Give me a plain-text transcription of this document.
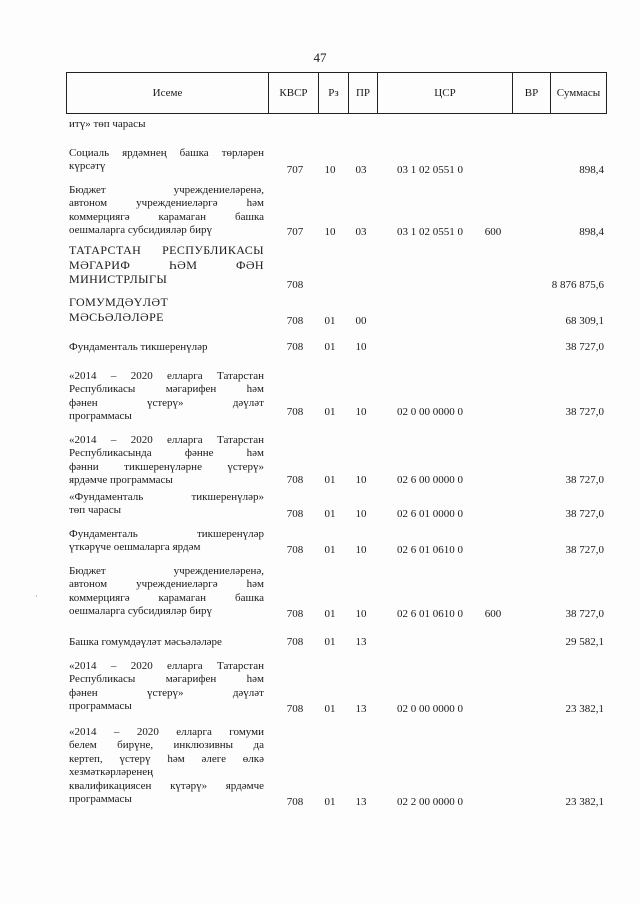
47
Исеме	КВСР	Рз	ПР	ЦСР	ВР	Суммасы
итү» төп чарасы
Социаль ярдәмнең башка төрләрен
күрсәтү	707	10	03	03 1 02 0551 0	898,4
Бюджет учреждениеләренә,
автоном учреждениеләргә һәм
коммерциягә карамаган башка
оешмаларга субсидияләр бирү	707	10	03	03 1 02 0551 0	600	898,4
ТАТАРСТАН РЕСПУБЛИКАСЫ
МӘГАРИФ ҺӘМ ФӘН
МИНИСТРЛЫГЫ	708	8 876 875,6
ГОМУМДӘҮЛӘТ
МӘСЬӘЛӘЛӘРЕ	708	01	00	68 309,1
Фундаменталь тикшеренүләр	708	01	10	38 727,0
«2014 – 2020 елларга Татарстан
Республикасы мәгарифен һәм
фәнен үстерү» дәүләт
программасы	708	01	10	02 0 00 0000 0	38 727,0
«2014 – 2020 елларга Татарстан
Республикасында фәнне һәм
фәнни тикшеренүләрне үстерү»
ярдәмче программасы	708	01	10	02 6 00 0000 0	38 727,0
«Фундаменталь тикшеренүләр»
төп чарасы	708	01	10	02 6 01 0000 0	38 727,0
Фундаменталь тикшеренүләр
үткәрүче оешмаларга ярдәм	708	01	10	02 6 01 0610 0	38 727,0
Бюджет учреждениеләренә,
автоном учреждениеләргә һәм
коммерциягә карамаган башка
оешмаларга субсидияләр бирү	708	01	10	02 6 01 0610 0	600	38 727,0
Башка гомумдәүләт мәсьәләләре	708	01	13	29 582,1
«2014 – 2020 елларга Татарстан
Республикасы мәгарифен һәм
фәнен үстерү» дәүләт
программасы	708	01	13	02 0 00 0000 0	23 382,1
«2014 – 2020 елларга гомуми
белем бирүне, инклюзивны да
кертеп, үстерү һәм әлеге өлкә
хезмәткәрләренең
квалификациясен күтәрү» ярдәмче
программасы	708	01	13	02 2 00 0000 0	23 382,1
·
